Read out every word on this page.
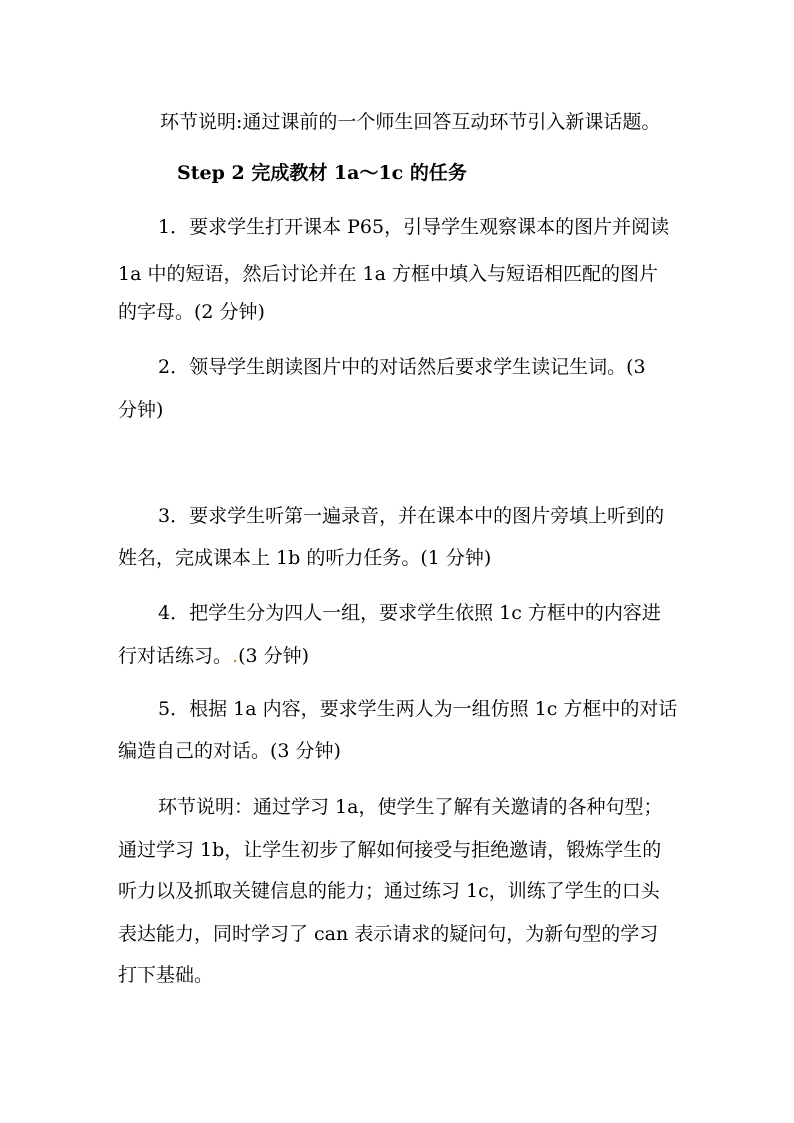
环节说明:通过课前的一个师生回答互动环节引入新课话题。
Step 2 完成教材 1a～1c 的任务
1．要求学生打开课本 P65，引导学生观察课本的图片并阅读
1a 中的短语，然后讨论并在 1a 方框中填入与短语相匹配的图片
的字母。(2 分钟)
2．领导学生朗读图片中的对话然后要求学生读记生词。(3
分钟)
3．要求学生听第一遍录音，并在课本中的图片旁填上听到的
姓名，完成课本上 1b 的听力任务。(1 分钟)
4．把学生分为四人一组，要求学生依照 1c 方框中的内容进
行对话练习。.(3 分钟)
5．根据 1a 内容，要求学生两人为一组仿照 1c 方框中的对话
编造自己的对话。(3 分钟)
环节说明：通过学习 1a，使学生了解有关邀请的各种句型；
通过学习 1b，让学生初步了解如何接受与拒绝邀请，锻炼学生的
听力以及抓取关键信息的能力；通过练习 1c，训练了学生的口头
表达能力，同时学习了 can 表示请求的疑问句，为新句型的学习
打下基础。
